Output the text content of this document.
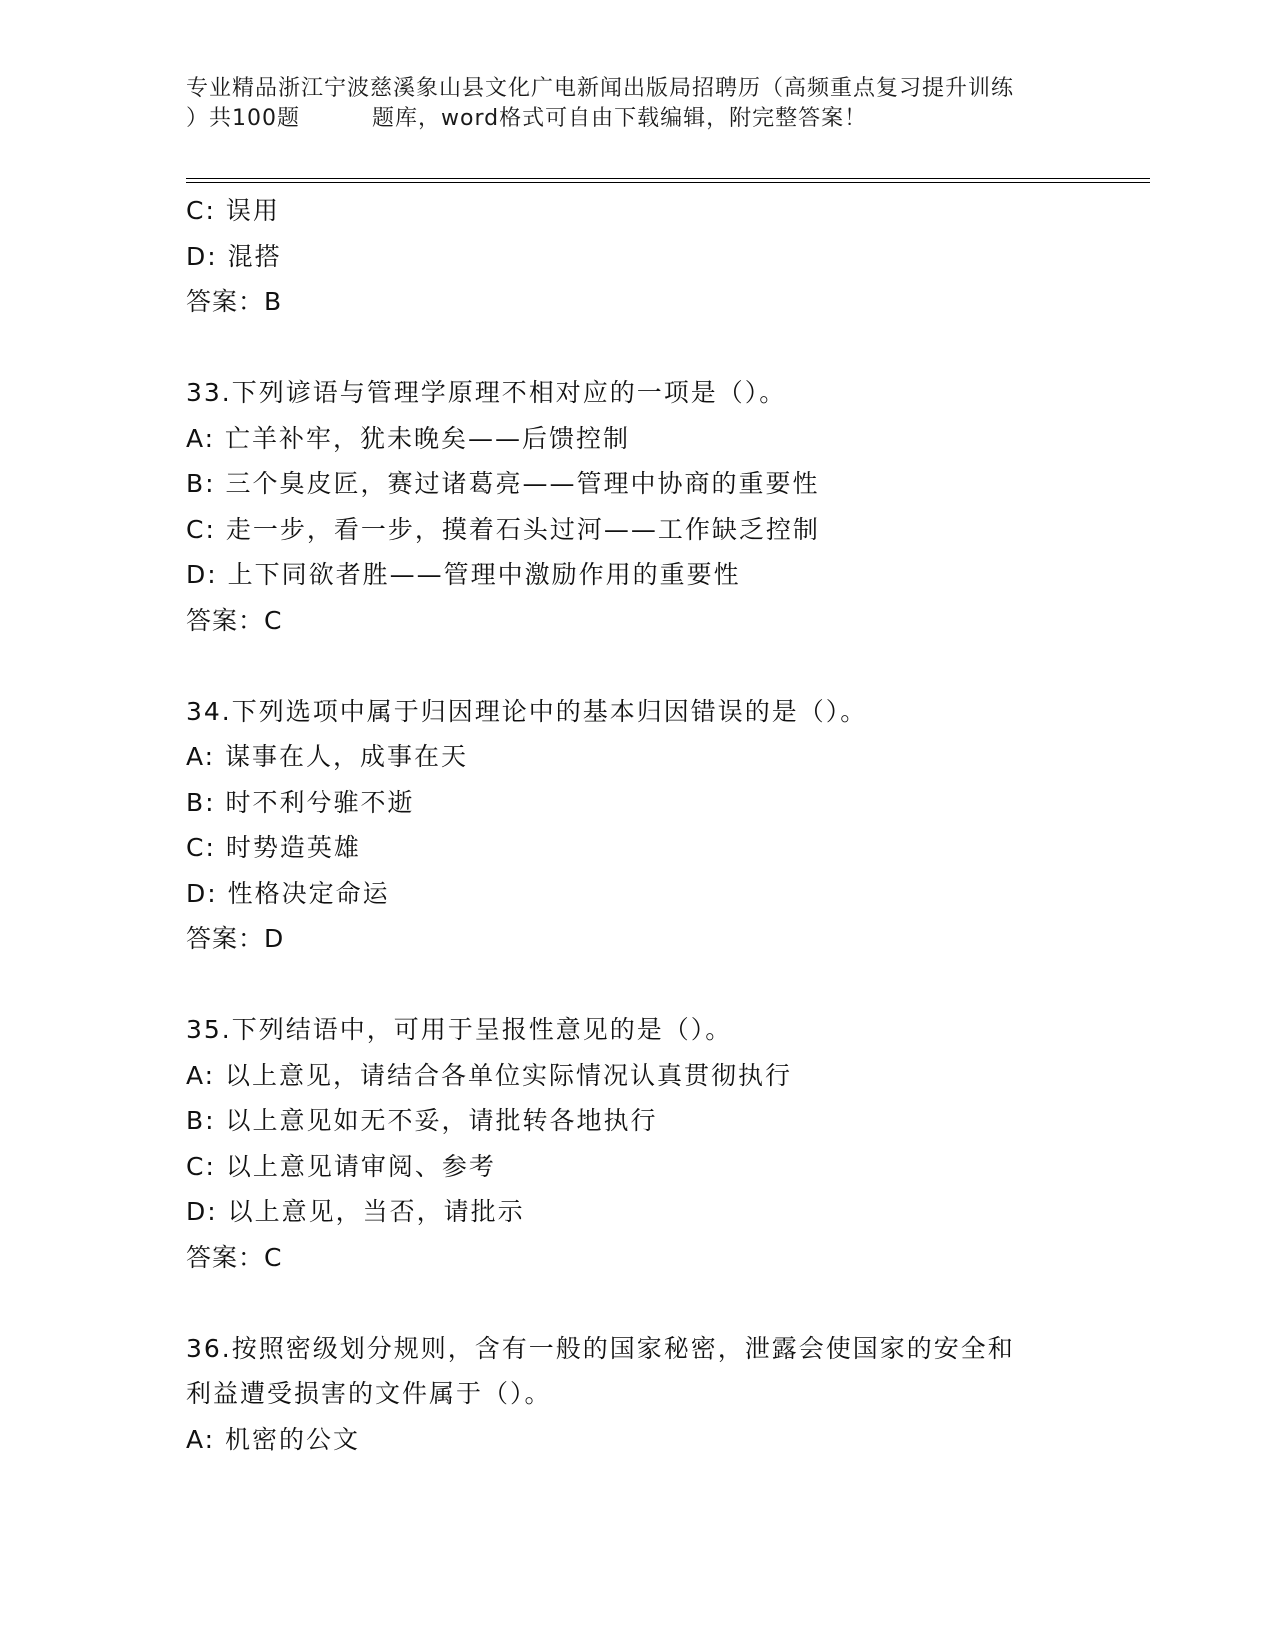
专业精品浙江宁波慈溪象山县文化广电新闻出版局招聘历（高频重点复习提升训练
）共100题	题库，word格式可自由下载编辑，附完整答案！
C: 误用
D: 混搭
答案：B
33.下列谚语与管理学原理不相对应的一项是（）。
A: 亡羊补牢，犹未晚矣——后馈控制
B: 三个臭皮匠，赛过诸葛亮——管理中协商的重要性
C: 走一步，看一步，摸着石头过河——工作缺乏控制
D: 上下同欲者胜——管理中激励作用的重要性
答案：C
34.下列选项中属于归因理论中的基本归因错误的是（）。
A: 谋事在人，成事在天
B: 时不利兮骓不逝
C: 时势造英雄
D: 性格决定命运
答案：D
35.下列结语中，可用于呈报性意见的是（）。
A: 以上意见，请结合各单位实际情况认真贯彻执行
B: 以上意见如无不妥，请批转各地执行
C: 以上意见请审阅、参考
D: 以上意见，当否，请批示
答案：C
36.按照密级划分规则，含有一般的国家秘密，泄露会使国家的安全和
利益遭受损害的文件属于（）。
A: 机密的公文
